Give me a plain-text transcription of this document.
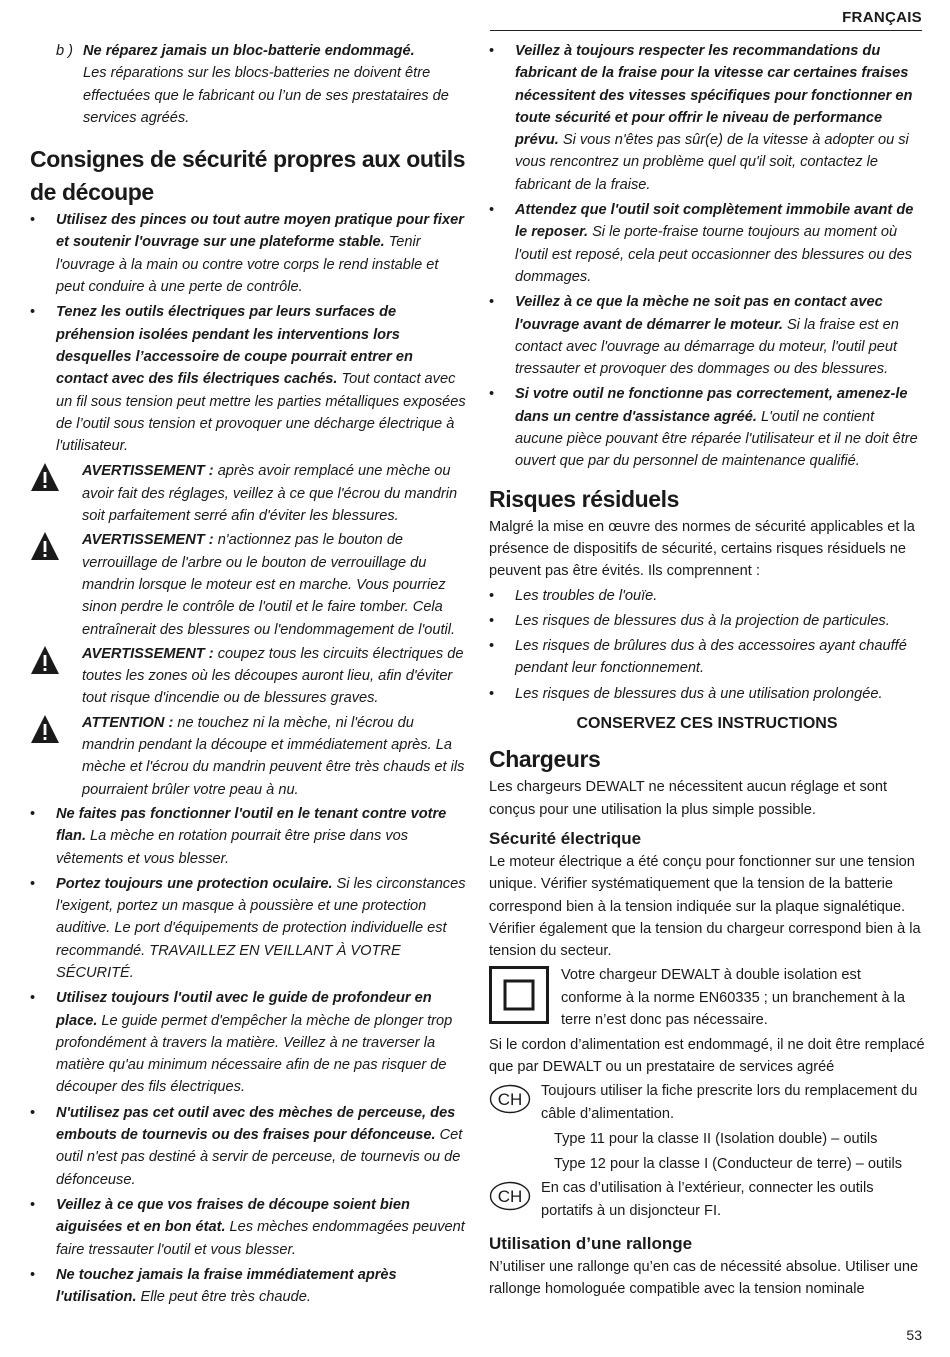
FRANÇAIS
b ) Ne réparez jamais un bloc-batterie endommagé.
Les réparations sur les blocs-batteries ne doivent être effectuées que le fabricant ou l’un de ses prestataires de services agréés.

Consignes de sécurité propres aux outils de découpe
•	Utilisez des pinces ou tout autre moyen pratique pour fixer et soutenir l'ouvrage sur une plateforme stable. Tenir l'ouvrage à la main ou contre votre corps le rend instable et peut conduire à une perte de contrôle.

•	Tenez les outils électriques par leurs surfaces de préhension isolées pendant les interventions lors desquelles l’accessoire de coupe pourrait entrer en contact avec des fils électriques cachés. Tout contact avec un fil sous tension peut mettre les parties métalliques exposées de l’outil sous tension et provoquer une décharge électrique à l'utilisateur.

AVERTISSEMENT : après avoir remplacé une mèche ou avoir fait des réglages, veillez à ce que l'écrou du mandrin soit parfaitement serré afin d'éviter les blessures.

AVERTISSEMENT : n'actionnez pas le bouton de verrouillage de l'arbre ou le bouton de verrouillage du mandrin lorsque le moteur est en marche. Vous pourriez sinon perdre le contrôle de l'outil et le faire tomber. Cela entraînerait des blessures ou l'endommagement de l'outil.

AVERTISSEMENT : coupez tous les circuits électriques de toutes les zones où les découpes auront lieu, afin d'éviter tout risque d'incendie ou de blessures graves.

ATTENTION : ne touchez ni la mèche, ni l'écrou du mandrin pendant la découpe et immédiatement après. La mèche et l'écrou du mandrin peuvent être très chauds et ils pourraient brûler votre peau à nu.

•	Ne faites pas fonctionner l'outil en le tenant contre votre flan. La mèche en rotation pourrait être prise dans vos vêtements et vous blesser.

•	Portez toujours une protection oculaire. Si les circonstances l'exigent, portez un masque à poussière et une protection auditive. Le port d'équipements de protection individuelle est recommandé. TRAVAILLEZ EN VEILLANT À VOTRE SÉCURITÉ.

•	Utilisez toujours l'outil avec le guide de profondeur en place. Le guide permet d'empêcher la mèche de plonger trop profondément à travers la matière. Veillez à ne traverser la matière qu'au minimum nécessaire afin de ne pas risquer de découper des fils électriques.

•	N'utilisez pas cet outil avec des mèches de perceuse, des embouts de tournevis ou des fraises pour défonceuse. Cet outil n'est pas destiné à servir de perceuse, de tournevis ou de défonceuse.

•	Veillez à ce que vos fraises de découpe soient bien aiguisées et en bon état. Les mèches endommagées peuvent faire tressauter l'outil et vous blesser.

•	Ne touchez jamais la fraise immédiatement après l'utilisation. Elle peut être très chaude.

•	Veillez à toujours respecter les recommandations du fabricant de la fraise pour la vitesse car certaines fraises nécessitent des vitesses spécifiques pour fonctionner en toute sécurité et pour offrir le niveau de performance prévu. Si vous n'êtes pas sûr(e) de la vitesse à adopter ou si vous rencontrez un problème quel qu'il soit, contactez le fabricant de la fraise.

•	Attendez que l'outil soit complètement immobile avant de le reposer. Si le porte-fraise tourne toujours au moment où l'outil est reposé, cela peut occasionner des blessures ou des dommages.

•	Veillez à ce que la mèche ne soit pas en contact avec l'ouvrage avant de démarrer le moteur. Si la fraise est en contact avec l'ouvrage au démarrage du moteur, l'outil peut tressauter et provoquer des dommages ou des blessures.

•	Si votre outil ne fonctionne pas correctement, amenez-le dans un centre d'assistance agréé. L'outil ne contient aucune pièce pouvant être réparée l'utilisateur et il ne doit être ouvert que par du personnel de maintenance qualifié.

Risques résiduels

Malgré la mise en œuvre des normes de sécurité applicables et la présence de dispositifs de sécurité, certains risques résiduels ne peuvent pas être évités. Ils comprennent :

•	Les troubles de l'ouïe.

•	Les risques de blessures dus à la projection de particules.

•	Les risques de brûlures dus à des accessoires ayant chauffé pendant leur fonctionnement.

•	Les risques de blessures dus à une utilisation prolongée.

CONSERVEZ CES INSTRUCTIONS
Chargeurs

Les chargeurs DEWALT ne nécessitent aucun réglage et sont conçus pour une utilisation la plus simple possible.

Sécurité électrique

Le moteur électrique a été conçu pour fonctionner sur une tension unique. Vérifier systématiquement que la tension de la batterie correspond bien à la tension indiquée sur la plaque signalétique. Vérifier également que la tension du chargeur correspond bien à la tension du secteur.

Votre chargeur DEWALT à double isolation est conforme à la norme EN60335 ; un branchement à la terre n’est donc pas nécessaire.

Si le cordon d’alimentation est endommagé, il ne doit être remplacé que par DEWALT ou un prestataire de services agréé

CH Toujours utiliser la fiche prescrite lors du remplacement du câble d’alimentation.

Type 11 pour la classe II (Isolation double) – outils

Type 12 pour la classe I (Conducteur de terre) – outils

CH En cas d’utilisation à l’extérieur, connecter les outils portatifs à un disjoncteur FI.

Utilisation d’une rallonge

N’utiliser une rallonge qu’en cas de nécessité absolue. Utiliser une rallonge homologuée compatible avec la tension nominale

53
